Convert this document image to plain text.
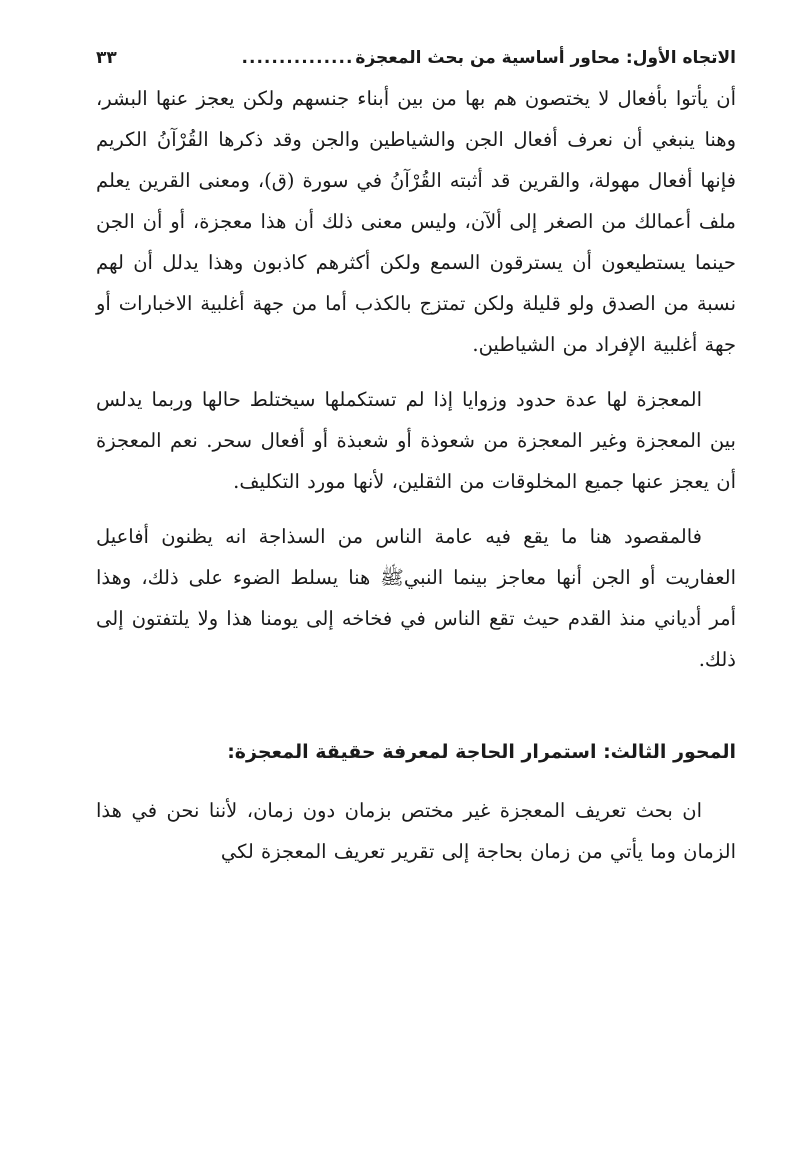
الاتجاه الأول: محاور أساسية من بحث المعجزة
...............
٣٣

أن يأتوا بأفعال لا يختصون هم بها من بين أبناء جنسهم ولكن يعجز عنها البشر، وهنا ينبغي أن نعرف أفعال الجن والشياطين والجن وقد ذكرها القُرْآنُ الكريم فإنها أفعال مهولة، والقرين قد أثبته القُرْآنُ في سورة (ق)، ومعنى القرين يعلم ملف أعمالك من الصغر إلى ألآن، وليس معنى ذلك أن هذا معجزة، أو أن الجن حينما يستطيعون أن يسترقون السمع ولكن أكثرهم كاذبون وهذا يدلل أن لهم نسبة من الصدق ولو قليلة ولكن تمتزج بالكذب أما من جهة أغلبية الاخبارات أو جهة أغلبية الإفراد من الشياطين.

المعجزة لها عدة حدود وزوايا إذا لم تستكملها سيختلط حالها وربما يدلس بين المعجزة وغير المعجزة من شعوذة أو شعبذة أو أفعال سحر. نعم المعجزة أن يعجز عنها جميع المخلوقات من الثقلين، لأنها مورد التكليف.

فالمقصود هنا ما يقع فيه عامة الناس من السذاجة انه يظنون أفاعيل العفاريت أو الجن أنها معاجز بينما النبيﷺ هنا يسلط الضوء على ذلك، وهذا أمر أدياني منذ القدم حيث تقع الناس في فخاخه إلى يومنا هذا ولا يلتفتون إلى ذلك.

المحور الثالث: استمرار الحاجة لمعرفة حقيقة المعجزة:

ان بحث تعريف المعجزة غير مختص بزمان دون زمان، لأننا نحن في هذا الزمان وما يأتي من زمان بحاجة إلى تقرير تعريف المعجزة لكي
